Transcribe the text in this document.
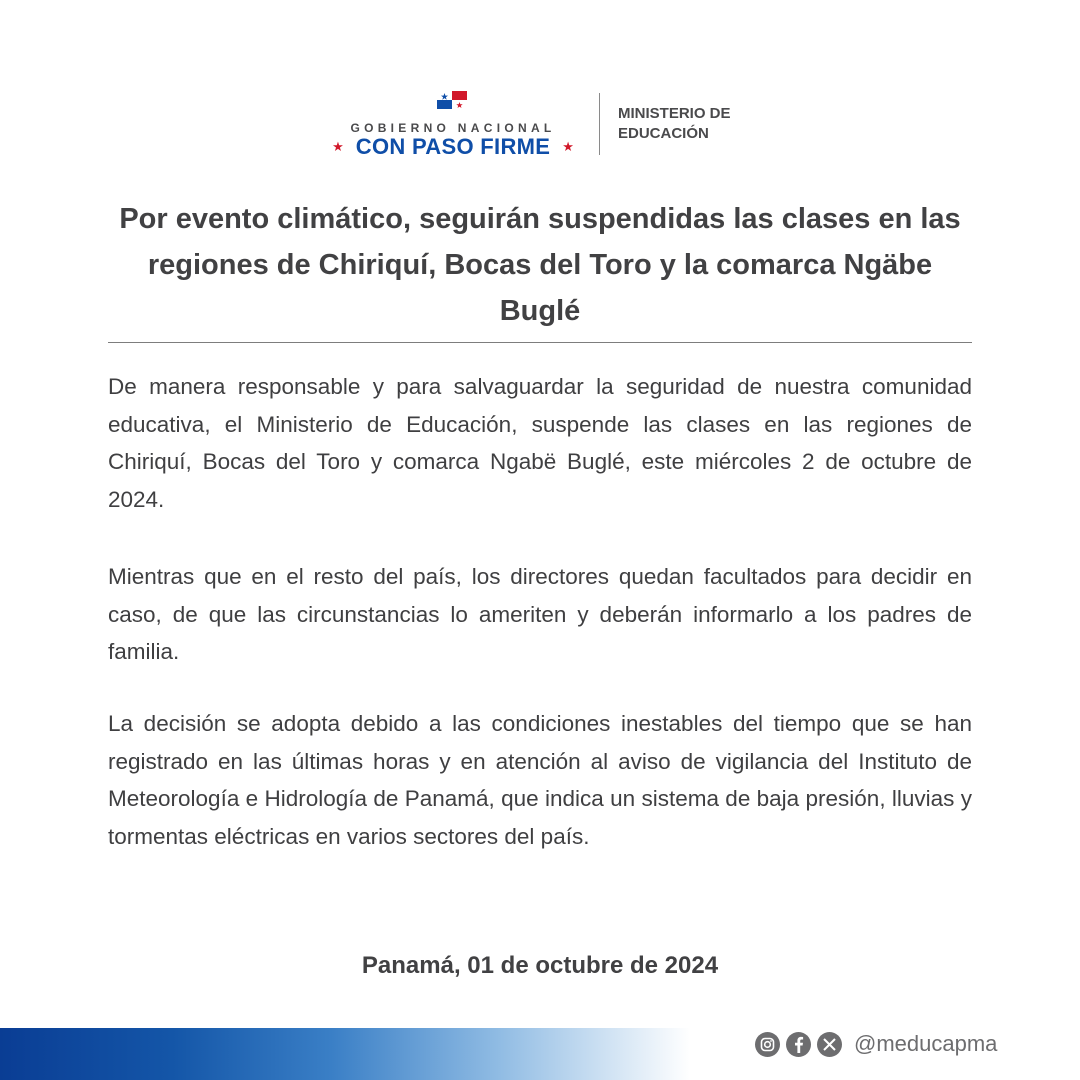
GOBIERNO NACIONAL
★ CON PASO FIRME ★
MINISTERIO DE
EDUCACIÓN
Por evento climático, seguirán suspendidas las clases en las regiones de Chiriquí, Bocas del Toro y la comarca Ngäbe Buglé

De manera responsable y para salvaguardar la seguridad de nuestra comunidad educativa, el Ministerio de Educación, suspende las clases en las regiones de Chiriquí, Bocas del Toro y comarca Ngabë Buglé, este miércoles 2 de octubre de 2024.

Mientras que en el resto del país, los directores quedan facultados para decidir en caso, de que las circunstancias lo ameriten y deberán informarlo a los padres de familia.

La decisión se adopta debido a las condiciones inestables del tiempo que se han registrado en las últimas horas y en atención al aviso de vigilancia del Instituto de Meteorología e Hidrología de Panamá, que indica un sistema de baja presión, lluvias y tormentas eléctricas en varios sectores del país.

Panamá, 01 de octubre de 2024
@meducapma
